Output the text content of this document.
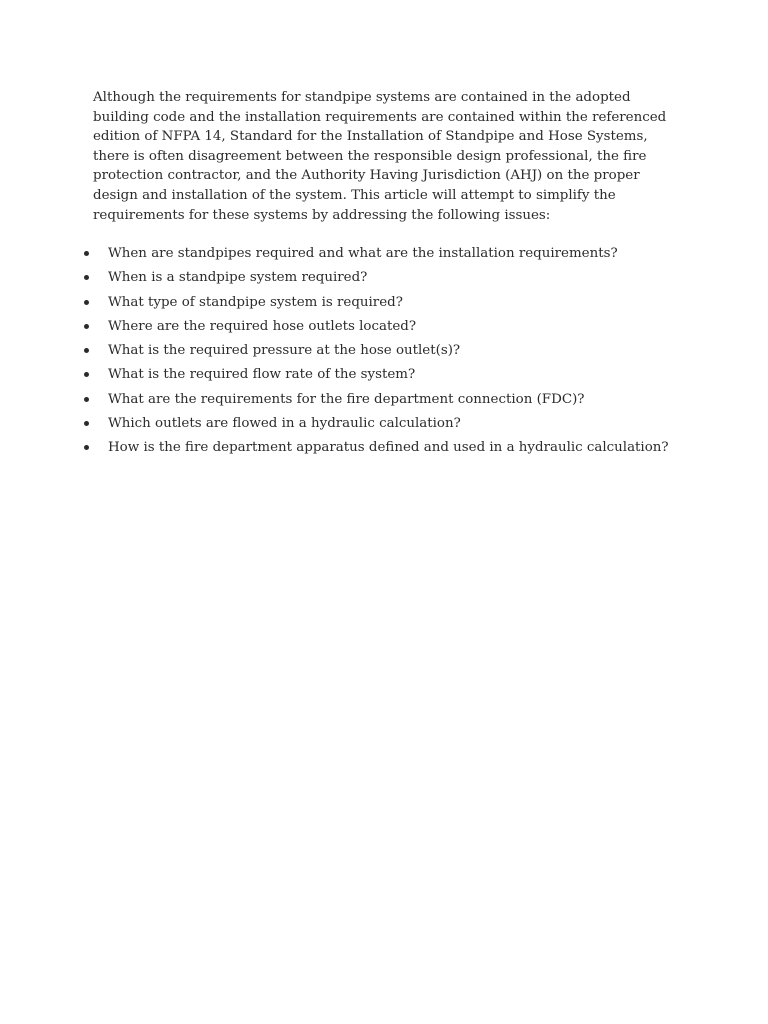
Although the requirements for standpipe systems are contained in the adopted
building code and the installation requirements are contained within the referenced
edition of NFPA 14, Standard for the Installation of Standpipe and Hose Systems,
there is often disagreement between the responsible design professional, the fire
protection contractor, and the Authority Having Jurisdiction (AHJ) on the proper
design and installation of the system. This article will attempt to simplify the
requirements for these systems by addressing the following issues:

When are standpipes required and what are the installation requirements?
When is a standpipe system required?
What type of standpipe system is required?
Where are the required hose outlets located?
What is the required pressure at the hose outlet(s)?
What is the required flow rate of the system?
What are the requirements for the fire department connection (FDC)?
Which outlets are flowed in a hydraulic calculation?
How is the fire department apparatus defined and used in a hydraulic calculation?
